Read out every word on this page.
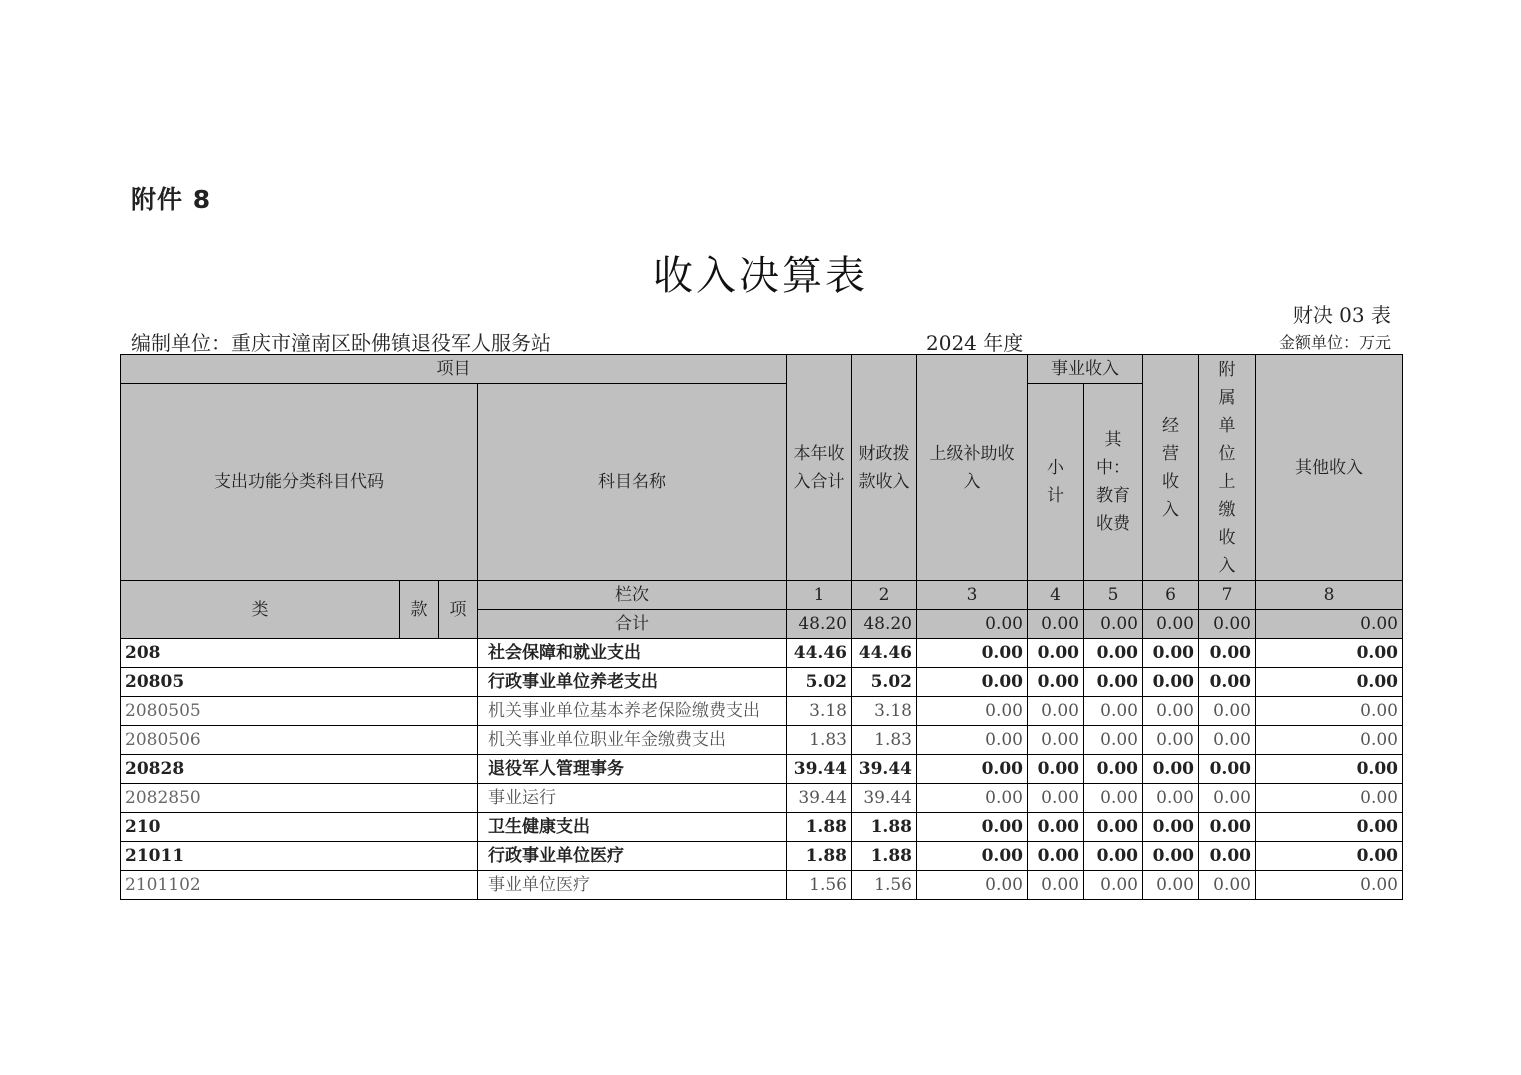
附件 8
收入决算表
财决 03 表
编制单位：重庆市潼南区卧佛镇退役军人服务站	2024 年度	金额单位：万元
项目				本年收入合计	财政拨款收入	上级补助收入	事业收入		经营收入	附属单位上缴收入	其他收入
支出功能分类科目代码			科目名称				小计	其中：教育收费			
类	款	项	栏次	1	2	3	4	5	6	7	8
			合计	48.20	48.20	0.00	0.00	0.00	0.00	0.00	0.00
208			社会保障和就业支出	44.46	44.46	0.00	0.00	0.00	0.00	0.00	0.00
20805			行政事业单位养老支出	5.02	5.02	0.00	0.00	0.00	0.00	0.00	0.00
2080505			机关事业单位基本养老保险缴费支出	3.18	3.18	0.00	0.00	0.00	0.00	0.00	0.00
2080506			机关事业单位职业年金缴费支出	1.83	1.83	0.00	0.00	0.00	0.00	0.00	0.00
20828			退役军人管理事务	39.44	39.44	0.00	0.00	0.00	0.00	0.00	0.00
2082850			事业运行	39.44	39.44	0.00	0.00	0.00	0.00	0.00	0.00
210			卫生健康支出	1.88	1.88	0.00	0.00	0.00	0.00	0.00	0.00
21011			行政事业单位医疗	1.88	1.88	0.00	0.00	0.00	0.00	0.00	0.00
2101102			事业单位医疗	1.56	1.56	0.00	0.00	0.00	0.00	0.00	0.00
